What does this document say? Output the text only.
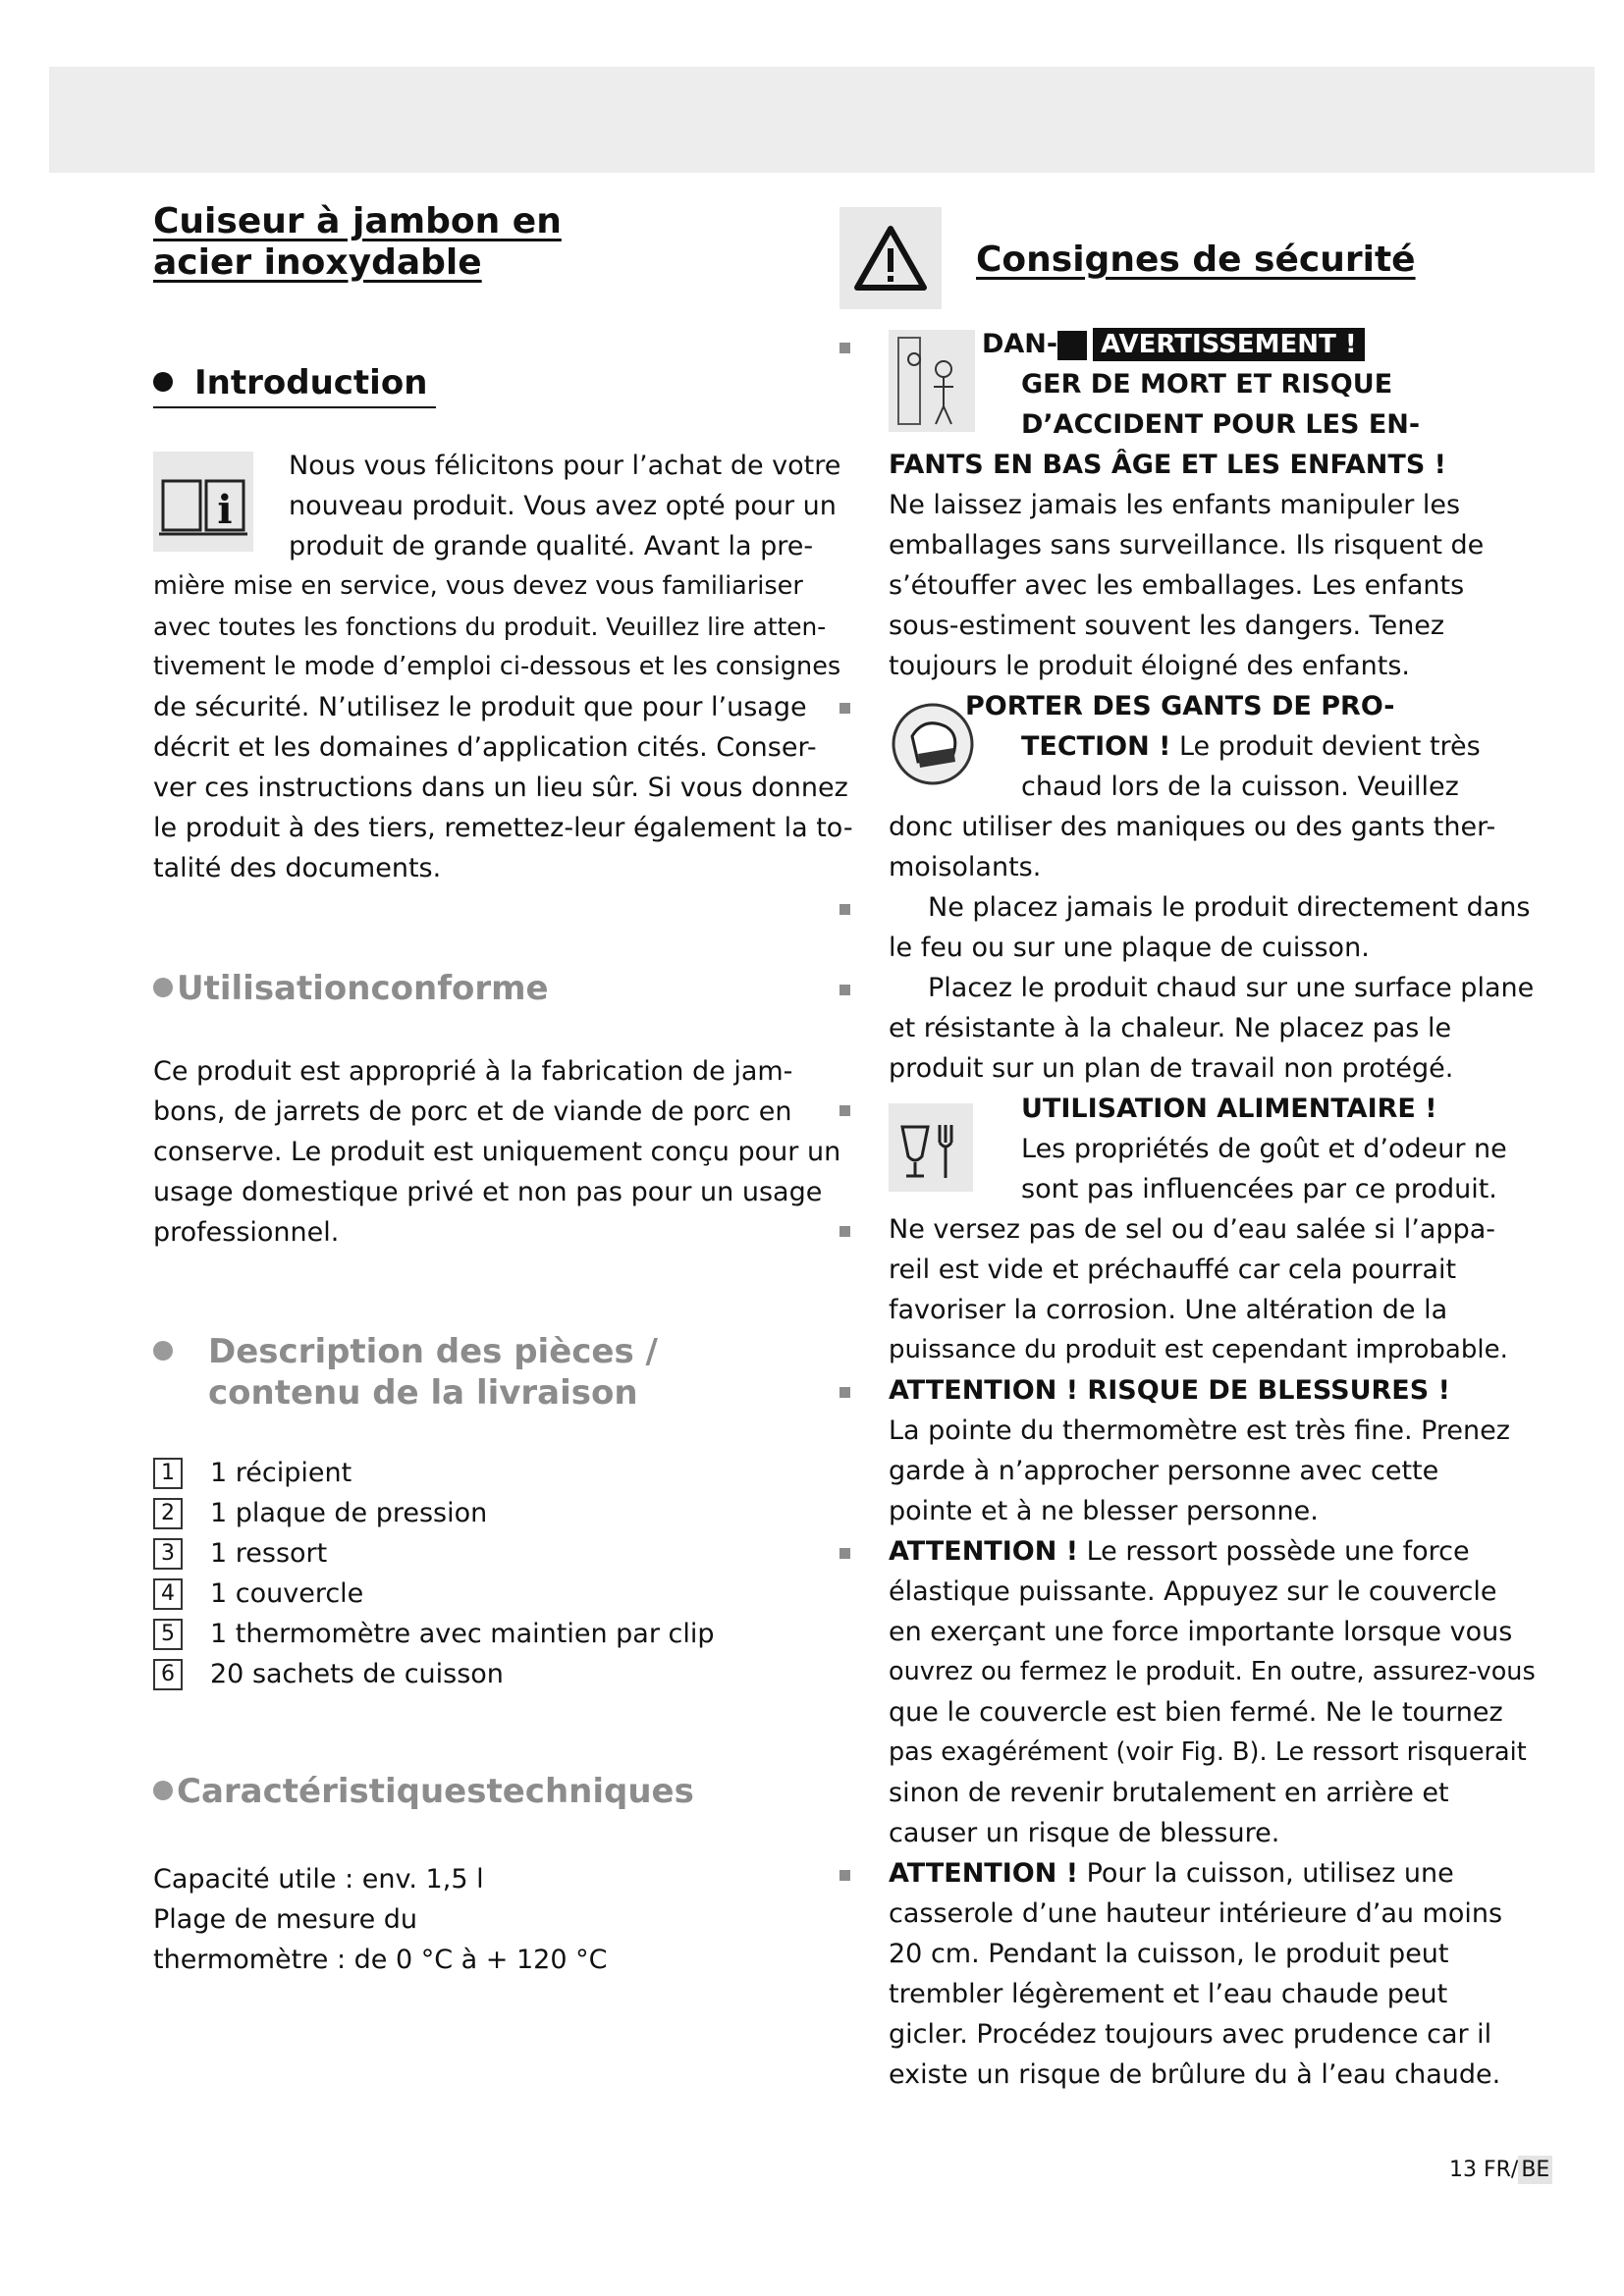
Cuiseur à jambon en
acier inoxydable
Introduction
i

Nous vous félicitons pour l’achat de votre

nouveau produit. Vous avez opté pour un

produit de grande qualité. Avant la pre-

mière mise en service, vous devez vous familiariser

avec toutes les fonctions du produit. Veuillez lire atten-

tivement le mode d’emploi ci-dessous et les consignes

de sécurité. N’utilisez le produit que pour l’usage

décrit et les domaines d’application cités. Conser-

ver ces instructions dans un lieu sûr. Si vous donnez

le produit à des tiers, remettez-leur également la to-

talité des documents.

Utilisationconforme

Ce produit est approprié à la fabrication de jam-

bons, de jarrets de porc et de viande de porc en

conserve. Le produit est uniquement conçu pour un

usage domestique privé et non pas pour un usage

professionnel.

Description des pièces /
contenu de la livraison
1 1 récipient
2 1 plaque de pression
3 1 ressort
4 1 couvercle
5 1 thermomètre avec maintien par clip
6 20 sachets de cuisson
Caractéristiquestechniques
Capacité utile : env. 1,5 l
Plage de mesure du
thermomètre : de 0 °C à + 120 °C
Consignes de sécurité

DAN- AVERTISSEMENT !

GER DE MORT ET RISQUE

D’ACCIDENT POUR LES EN-

FANTS EN BAS ÂGE ET LES ENFANTS !

Ne laissez jamais les enfants manipuler les

emballages sans surveillance. Ils risquent de

s’étouffer avec les emballages. Les enfants

sous-estiment souvent les dangers. Tenez

toujours le produit éloigné des enfants.

PORTER DES GANTS DE PRO-

TECTION ! Le produit devient très

chaud lors de la cuisson. Veuillez

donc utiliser des maniques ou des gants ther-

moisolants.

Ne placez jamais le produit directement dans

le feu ou sur une plaque de cuisson.

Placez le produit chaud sur une surface plane

et résistante à la chaleur. Ne placez pas le

produit sur un plan de travail non protégé.

UTILISATION ALIMENTAIRE !

Les propriétés de goût et d’odeur ne

sont pas influencées par ce produit.

Ne versez pas de sel ou d’eau salée si l’appa-

reil est vide et préchauffé car cela pourrait

favoriser la corrosion. Une altération de la

puissance du produit est cependant improbable.

ATTENTION ! RISQUE DE BLESSURES !

La pointe du thermomètre est très fine. Prenez

garde à n’approcher personne avec cette

pointe et à ne blesser personne.

ATTENTION ! Le ressort possède une force

élastique puissante. Appuyez sur le couvercle

en exerçant une force importante lorsque vous

ouvrez ou fermez le produit. En outre, assurez-vous

que le couvercle est bien fermé. Ne le tournez

pas exagérément (voir Fig. B). Le ressort risquerait

sinon de revenir brutalement en arrière et

causer un risque de blessure.

ATTENTION ! Pour la cuisson, utilisez une

casserole d’une hauteur intérieure d’au moins

20 cm. Pendant la cuisson, le produit peut

trembler légèrement et l’eau chaude peut

gicler. Procédez toujours avec prudence car il

existe un risque de brûlure du à l’eau chaude.

13 FR/ BE
